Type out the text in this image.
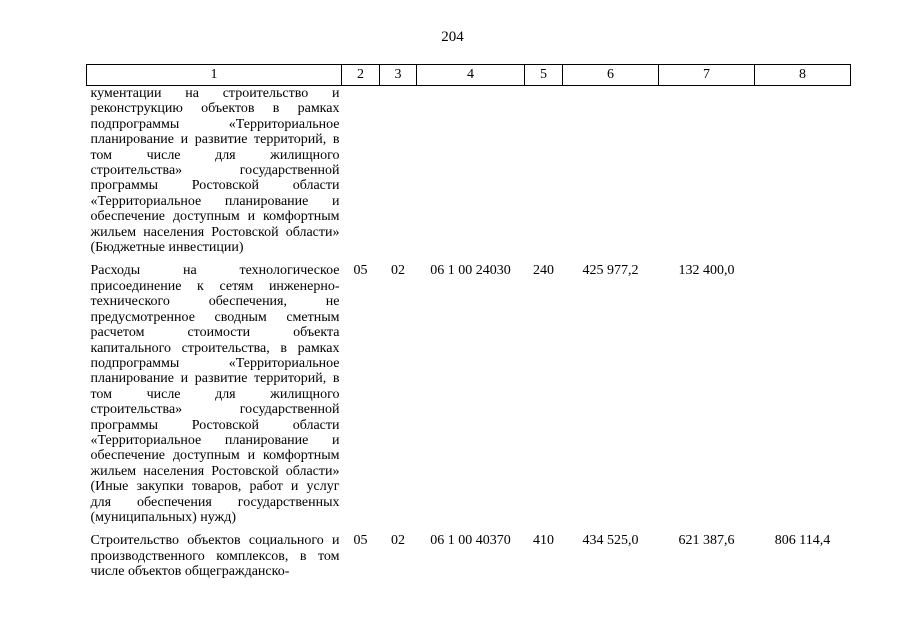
204
1	2	3	4	5	6	7	8
кументации на строительство и реконструкцию объектов в рамках подпрограммы «Территориальное планирование и развитие территорий, в том числе для жилищного строительства» государственной программы Ростовской области «Территориальное планирование и обеспечение доступным и комфортным жильем населения Ростовской области» (Бюджетные инвестиции)							
Расходы на технологическое присоединение к сетям инженерно-технического обеспечения, не предусмотренное сводным сметным расчетом стоимости объекта капитального строительства, в рамках подпрограммы «Территориальное планирование и развитие территорий, в том числе для жилищного строительства» государственной программы Ростовской области «Территориальное планирование и обеспечение доступным и комфортным жильем населения Ростовской области» (Иные закупки товаров, работ и услуг для обеспечения государственных (муниципальных) нужд)	05	02	06 1 00 24030	240	425 977,2	132 400,0	
Строительство объектов социального и производственного комплексов, в том числе объектов общегражданско-	05	02	06 1 00 40370	410	434 525,0	621 387,6	806 114,4
